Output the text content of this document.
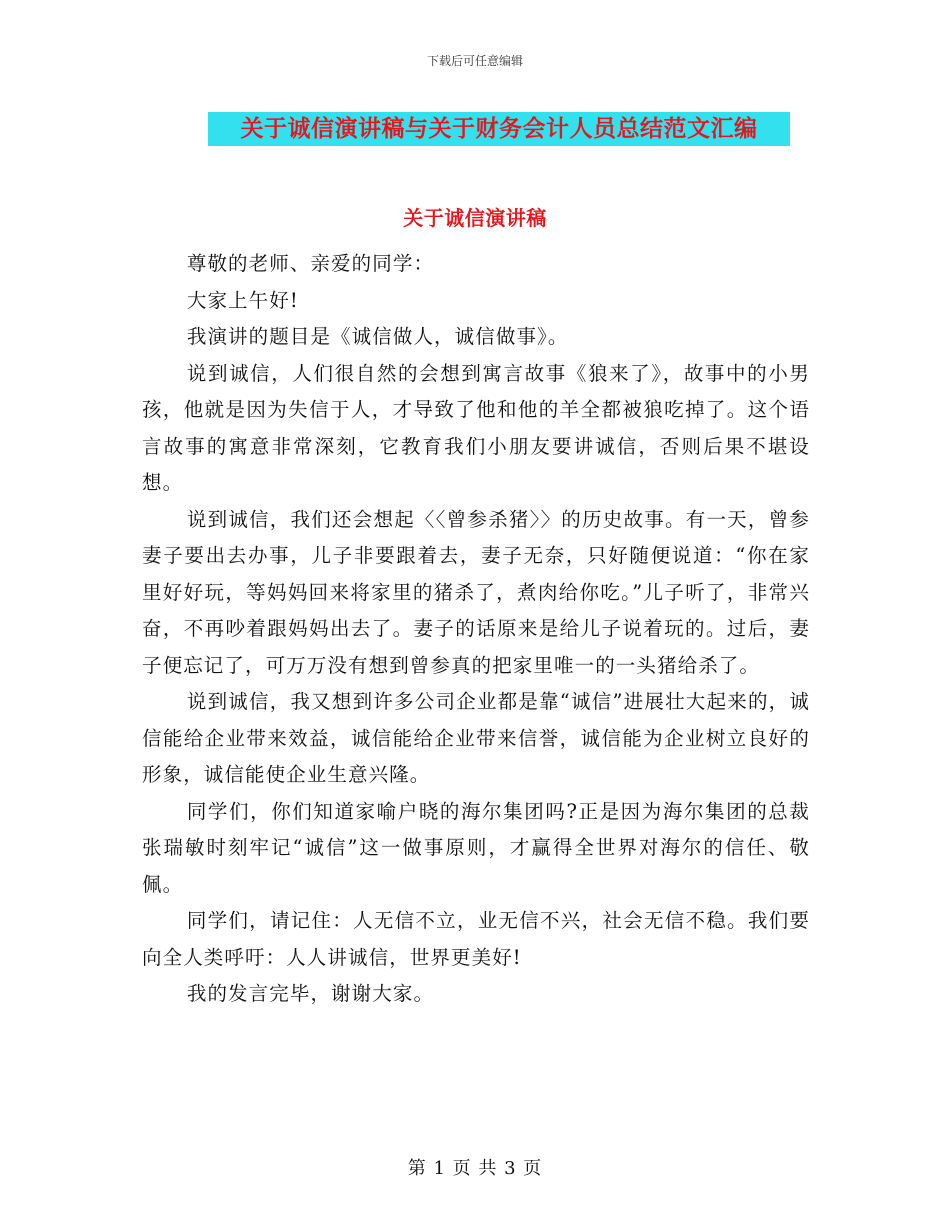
下载后可任意编辑
关于诚信演讲稿与关于财务会计人员总结范文汇编
关于诚信演讲稿

尊敬的老师、亲爱的同学：

大家上午好!

我演讲的题目是《诚信做人，诚信做事》。

说到诚信，人们很自然的会想到寓言故事《狼来了》，故事中的小男孩，他就是因为失信于人，才导致了他和他的羊全都被狼吃掉了。这个语言故事的寓意非常深刻，它教育我们小朋友要讲诚信，否则后果不堪设想。

说到诚信，我们还会想起〈〈曾参杀猪〉〉的历史故事。有一天，曾参妻子要出去办事，儿子非要跟着去，妻子无奈，只好随便说道：“你在家里好好玩，等妈妈回来将家里的猪杀了，煮肉给你吃。”儿子听了，非常兴奋，不再吵着跟妈妈出去了。妻子的话原来是给儿子说着玩的。过后，妻子便忘记了，可万万没有想到曾参真的把家里唯一的一头猪给杀了。

说到诚信，我又想到许多公司企业都是靠“诚信”进展壮大起来的，诚信能给企业带来效益，诚信能给企业带来信誉，诚信能为企业树立良好的形象，诚信能使企业生意兴隆。

同学们，你们知道家喻户晓的海尔集团吗?正是因为海尔集团的总裁张瑞敏时刻牢记“诚信”这一做事原则，才赢得全世界对海尔的信任、敬佩。

同学们，请记住：人无信不立，业无信不兴，社会无信不稳。我们要向全人类呼吁：人人讲诚信，世界更美好!

我的发言完毕，谢谢大家。

第 1 页 共 3 页
